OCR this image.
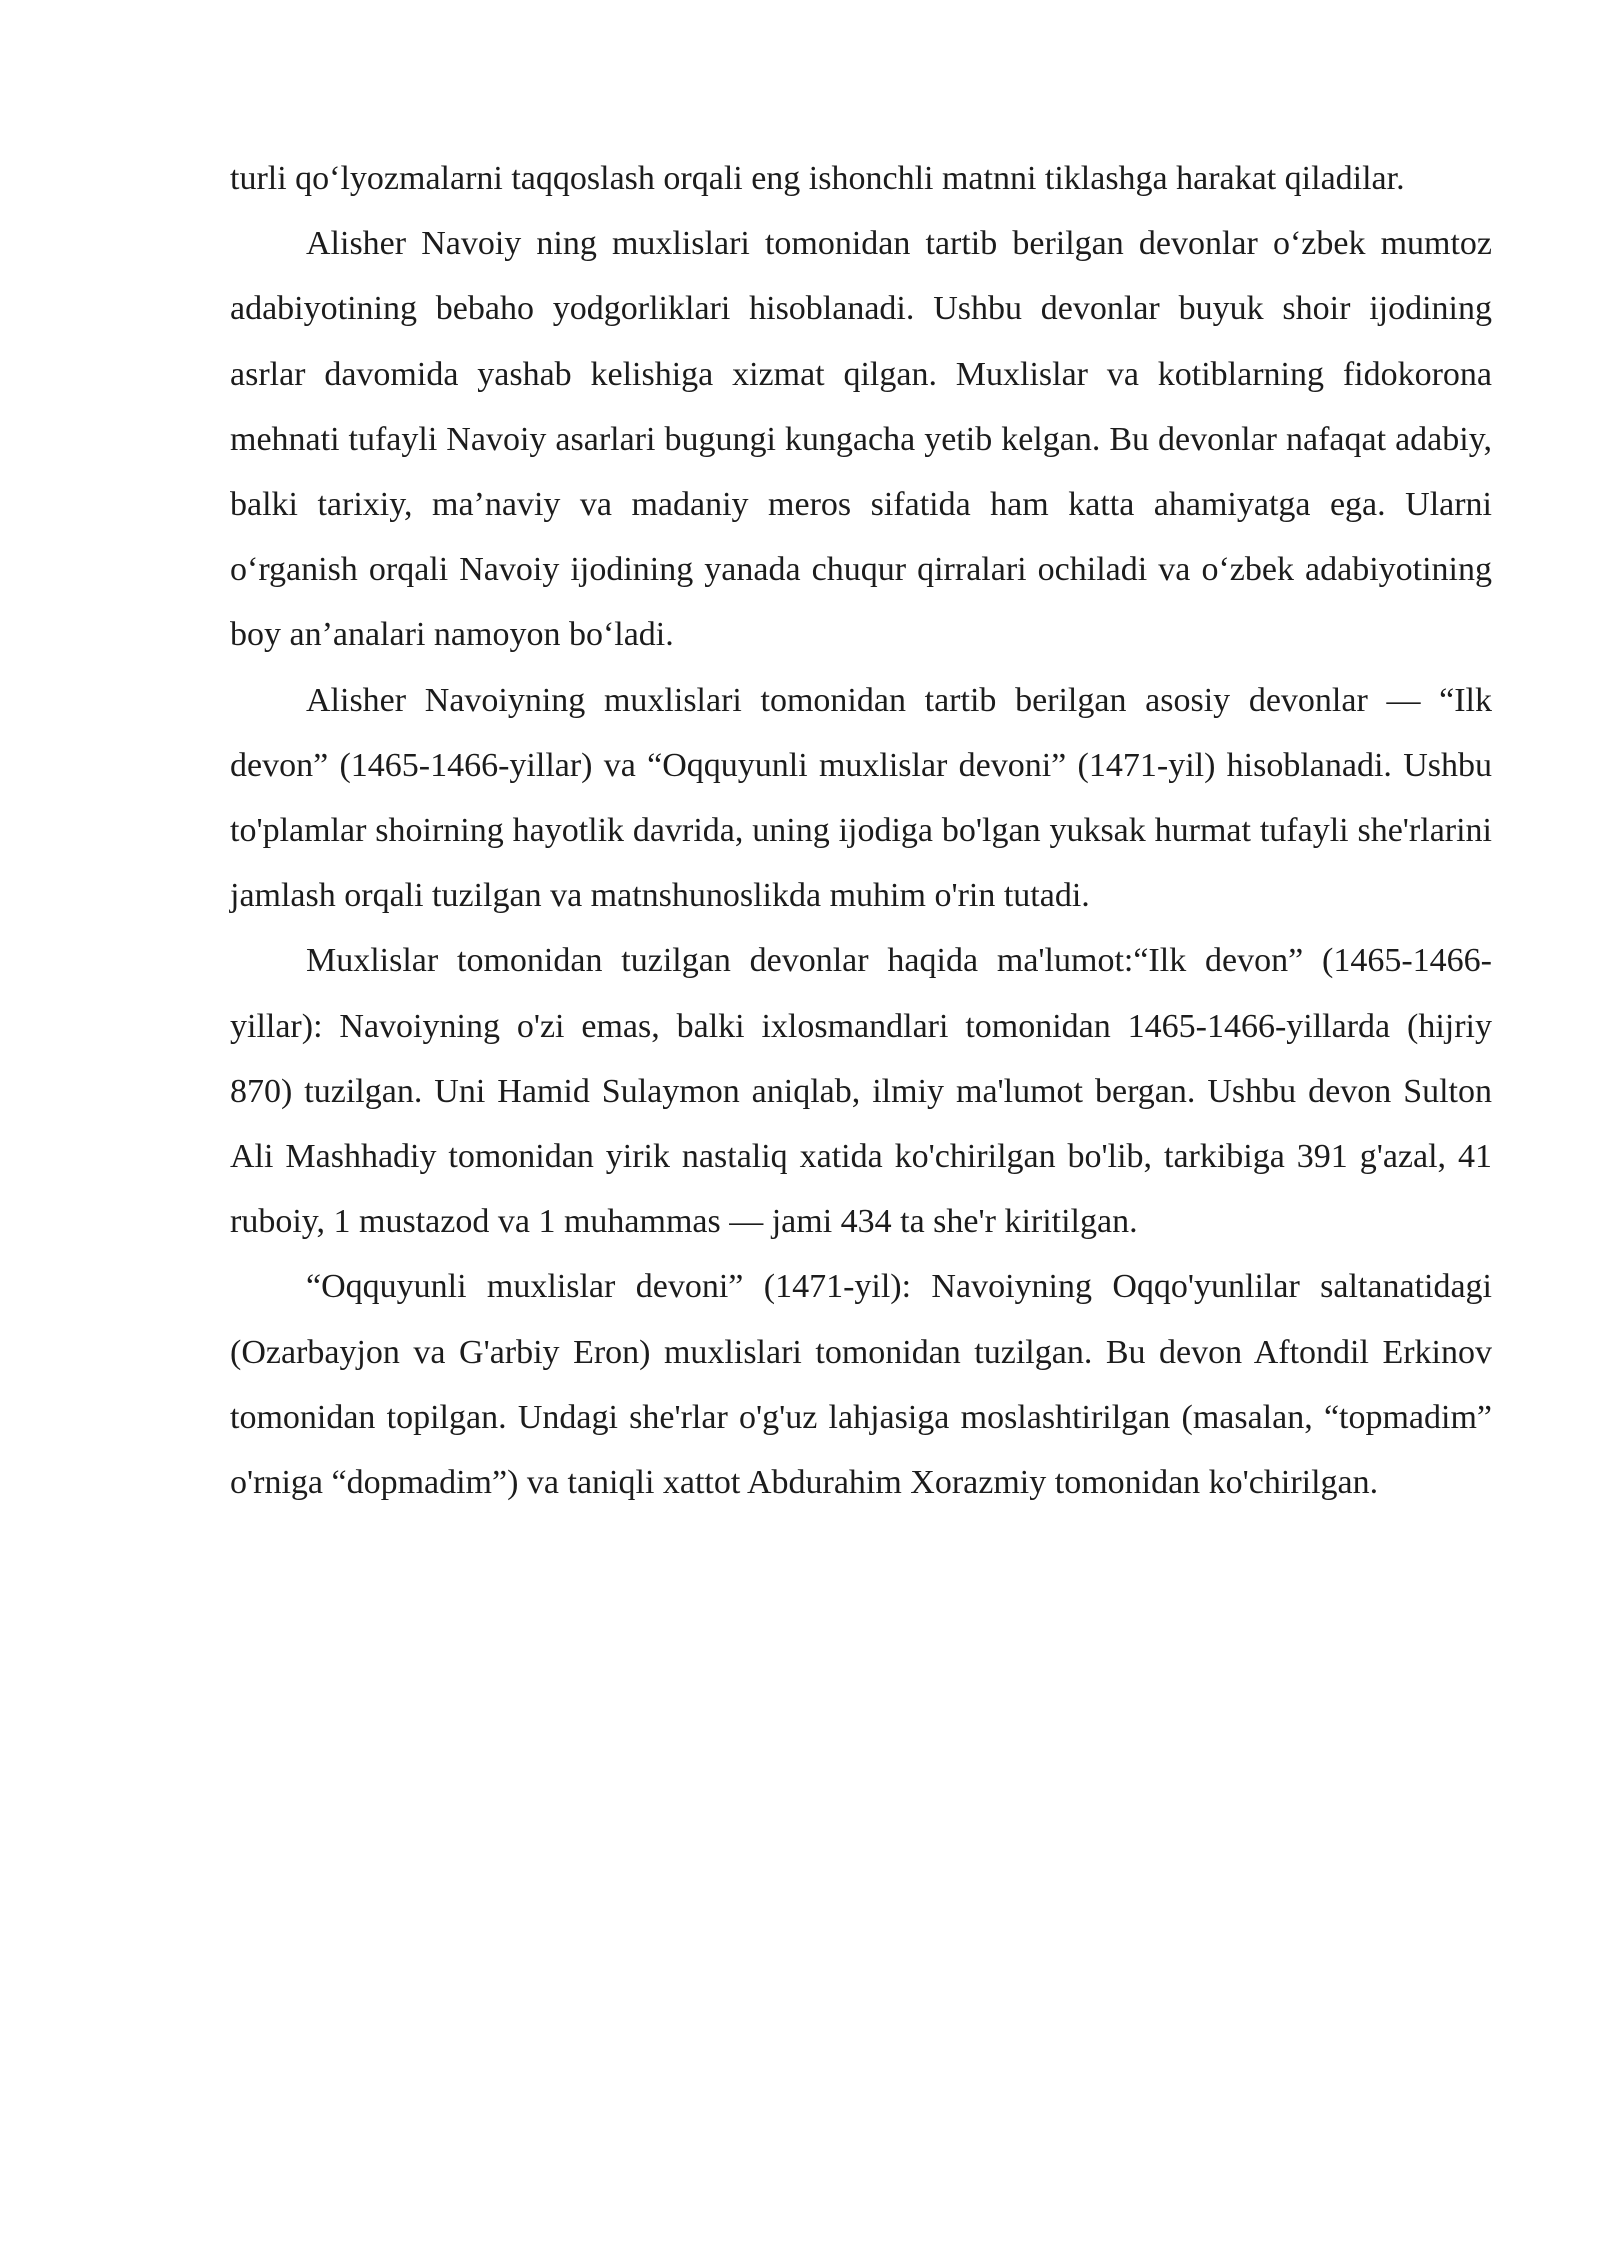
turli qo‘lyozmalarni taqqoslash orqali eng ishonchli matnni tiklashga harakat qiladilar.

Alisher Navoiy ning muxlislari tomonidan tartib berilgan devonlar o‘zbek mumtoz adabiyotining bebaho yodgorliklari hisoblanadi. Ushbu devonlar buyuk shoir ijodining asrlar davomida yashab kelishiga xizmat qilgan. Muxlislar va kotiblarning fidokorona mehnati tufayli Navoiy asarlari bugungi kungacha yetib kelgan. Bu devonlar nafaqat adabiy, balki tarixiy, ma’naviy va madaniy meros sifatida ham katta ahamiyatga ega. Ularni o‘rganish orqali Navoiy ijodining yanada chuqur qirralari ochiladi va o‘zbek adabiyotining boy an’analari namoyon bo‘ladi.

Alisher Navoiyning muxlislari tomonidan tartib berilgan asosiy devonlar — “Ilk devon” (1465-1466-yillar) va “Oqquyunli muxlislar devoni” (1471-yil) hisoblanadi. Ushbu to'plamlar shoirning hayotlik davrida, uning ijodiga bo'lgan yuksak hurmat tufayli she'rlarini jamlash orqali tuzilgan va matnshunoslikda muhim o'rin tutadi.

Muxlislar tomonidan tuzilgan devonlar haqida ma'lumot:“Ilk devon” (1465-1466-yillar): Navoiyning o'zi emas, balki ixlosmandlari tomonidan 1465-1466-yillarda (hijriy 870) tuzilgan. Uni Hamid Sulaymon aniqlab, ilmiy ma'lumot bergan. Ushbu devon Sulton Ali Mashhadiy tomonidan yirik nastaliq xatida ko'chirilgan bo'lib, tarkibiga 391 g'azal, 41 ruboiy, 1 mustazod va 1 muhammas — jami 434 ta she'r kiritilgan.

“Oqquyunli muxlislar devoni” (1471-yil): Navoiyning Oqqo'yunlilar saltanatidagi (Ozarbayjon va G'arbiy Eron) muxlislari tomonidan tuzilgan. Bu devon Aftondil Erkinov tomonidan topilgan. Undagi she'rlar o'g'uz lahjasiga moslashtirilgan (masalan, “topmadim” o'rniga “dopmadim”) va taniqli xattot Abdurahim Xorazmiy tomonidan ko'chirilgan.
